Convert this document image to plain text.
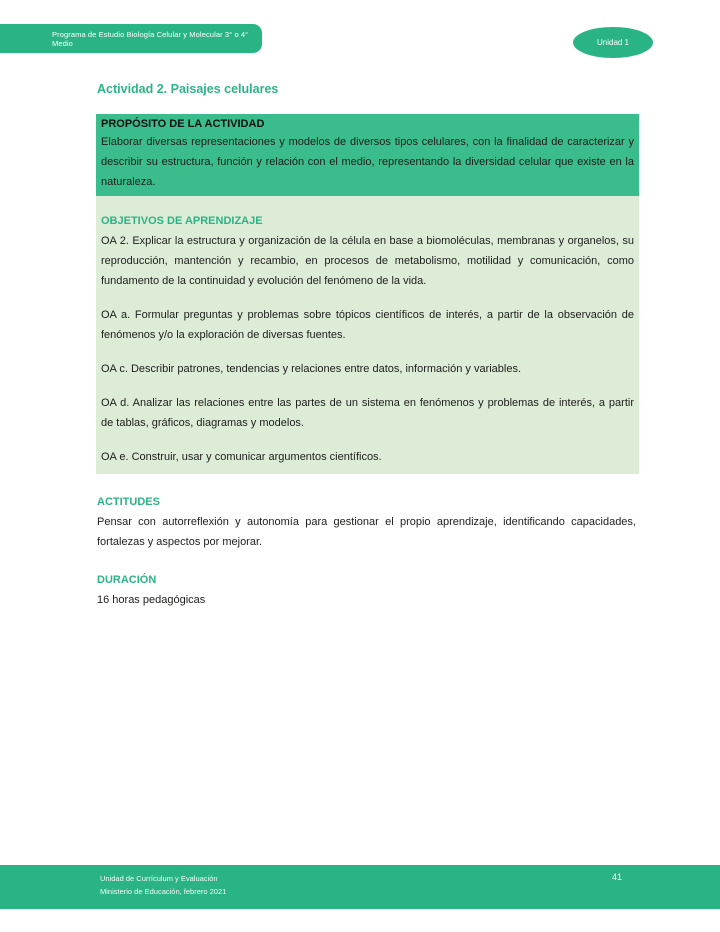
Programa de Estudio Biología Celular y Molecular 3° o 4° Medio	Unidad 1
Actividad 2. Paisajes celulares
PROPÓSITO DE LA ACTIVIDAD

Elaborar diversas representaciones y modelos de diversos tipos celulares, con la finalidad de caracterizar y describir su estructura, función y relación con el medio, representando la diversidad celular que existe en la naturaleza.

OBJETIVOS DE APRENDIZAJE

OA 2. Explicar la estructura y organización de la célula en base a biomoléculas, membranas y organelos, su reproducción, mantención y recambio, en procesos de metabolismo, motilidad y comunicación, como fundamento de la continuidad y evolución del fenómeno de la vida.

OA a. Formular preguntas y problemas sobre tópicos científicos de interés, a partir de la observación de fenómenos y/o la exploración de diversas fuentes.

OA c. Describir patrones, tendencias y relaciones entre datos, información y variables.

OA d. Analizar las relaciones entre las partes de un sistema en fenómenos y problemas de interés, a partir de tablas, gráficos, diagramas y modelos.

OA e. Construir, usar y comunicar argumentos científicos.

ACTITUDES

Pensar con autorreflexión y autonomía para gestionar el propio aprendizaje, identificando capacidades, fortalezas y aspectos por mejorar.

DURACIÓN

16 horas pedagógicas

Unidad de Currículum y Evaluación
Ministerio de Educación, febrero 2021
41
